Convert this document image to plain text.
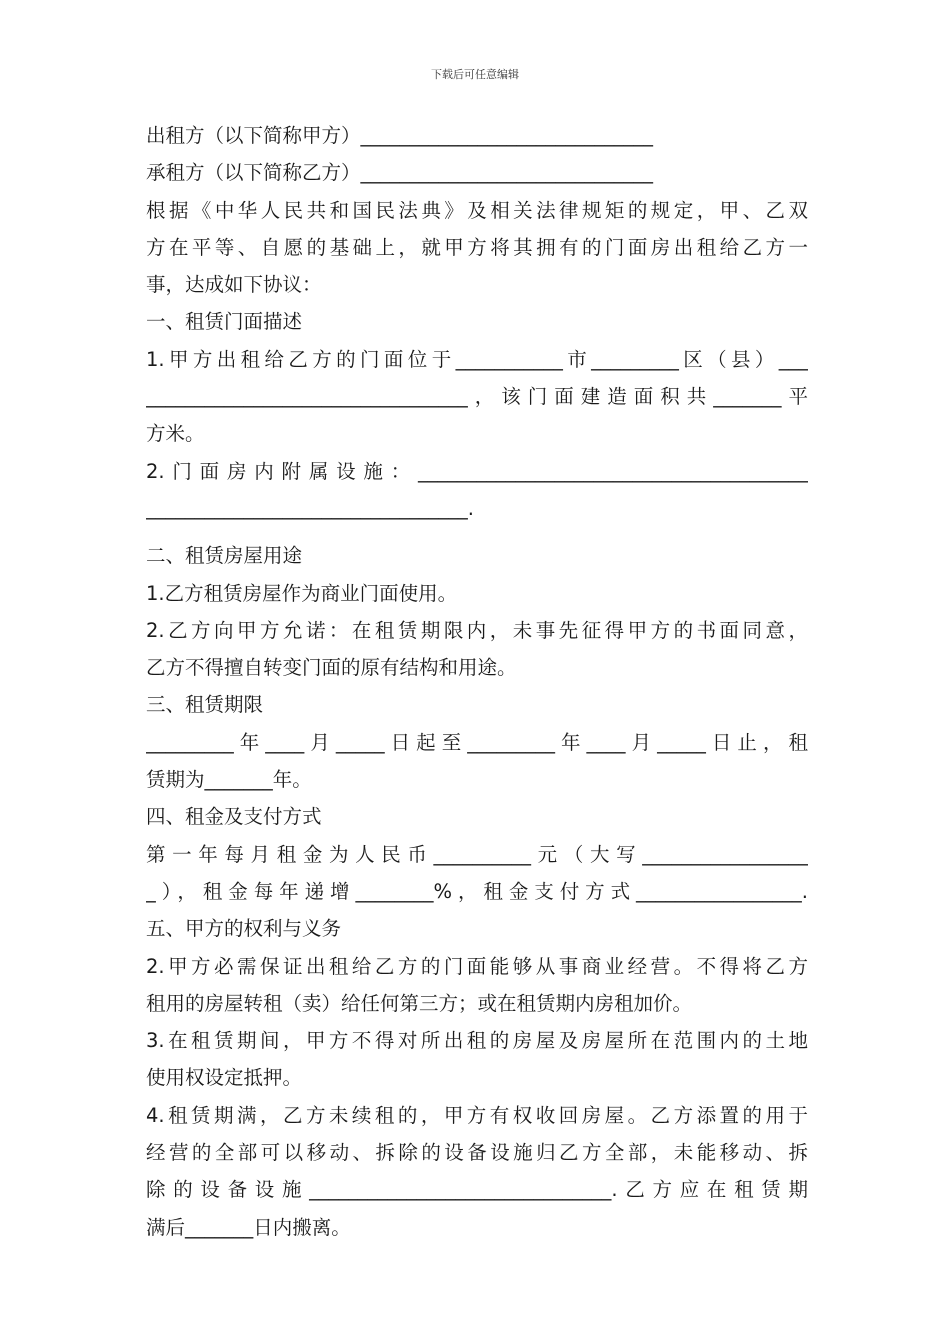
下载后可任意编辑
出租方（以下简称甲方）______________________________
承租方（以下简称乙方）______________________________
根据《中华人民共和国民法典》及相关法律规矩的规定，甲、乙双
方在平等、自愿的基础上，就甲方将其拥有的门面房出租给乙方一
事，达成如下协议：
一、租赁门面描述
1.甲方出租给乙方的门面位于___________市_________区（县）___
_________________________________，该门面建造面积共_______平
方米。
2.门面房内附属设施：________________________________________
_________________________________.
二、租赁房屋用途
1.乙方租赁房屋作为商业门面使用。
2.乙方向甲方允诺：在租赁期限内，未事先征得甲方的书面同意，
乙方不得擅自转变门面的原有结构和用途。
三、租赁期限
_________年____月_____日起至_________年____月_____日止，租
赁期为_______年。
四、租金及支付方式
第一年每月租金为人民币__________元（大写_________________
_），租金每年递增________%，租金支付方式_________________.
五、甲方的权利与义务
2.甲方必需保证出租给乙方的门面能够从事商业经营。不得将乙方
租用的房屋转租（卖）给任何第三方；或在租赁期内房租加价。
3.在租赁期间，甲方不得对所出租的房屋及房屋所在范围内的土地
使用权设定抵押。
4.租赁期满，乙方未续租的，甲方有权收回房屋。乙方添置的用于
经营的全部可以移动、拆除的设备设施归乙方全部，未能移动、拆
除的设备设施_______________________________.乙方应在租赁期
满后_______日内搬离。
